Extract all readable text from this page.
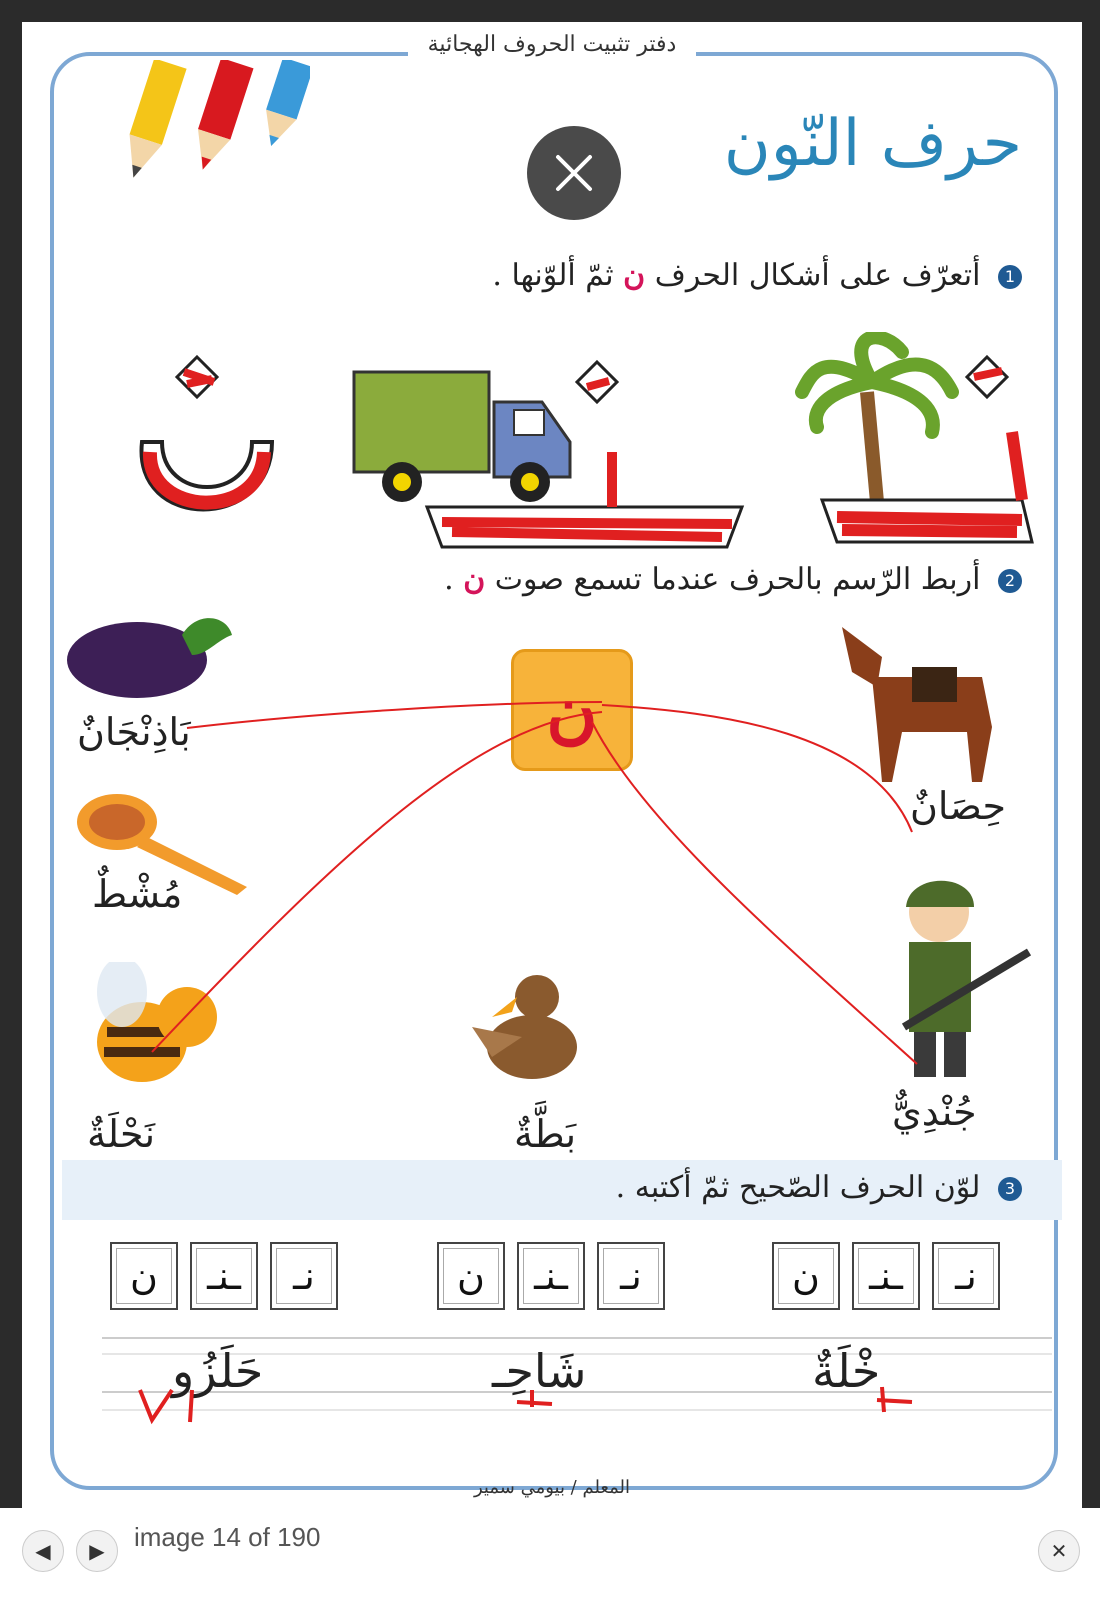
دفتر تثبيت الحروف الهجائية
حرف النّون
1 أتعرّف على أشكال الحرف ن ثمّ ألوّنها .
2 أربط الرّسم بالحرف عندما تسمع صوت ن .
ن
بَاذِنْجَانٌ
حِصَانٌ
مُشْطٌ
نَحْلَةٌ	بَطَّةٌ	جُنْدِيٌّ
3 لوّن الحرف الصّحيح ثمّ أكتبه .
ن	ـنـ	نـ	ن	ـنـ	نـ	ن	ـنـ	نـ
حَلَزُو	شَاحِـ	خْلَةٌ
المعلم / بيومي سمير
◀ ▶ image 14 of 190	✕
